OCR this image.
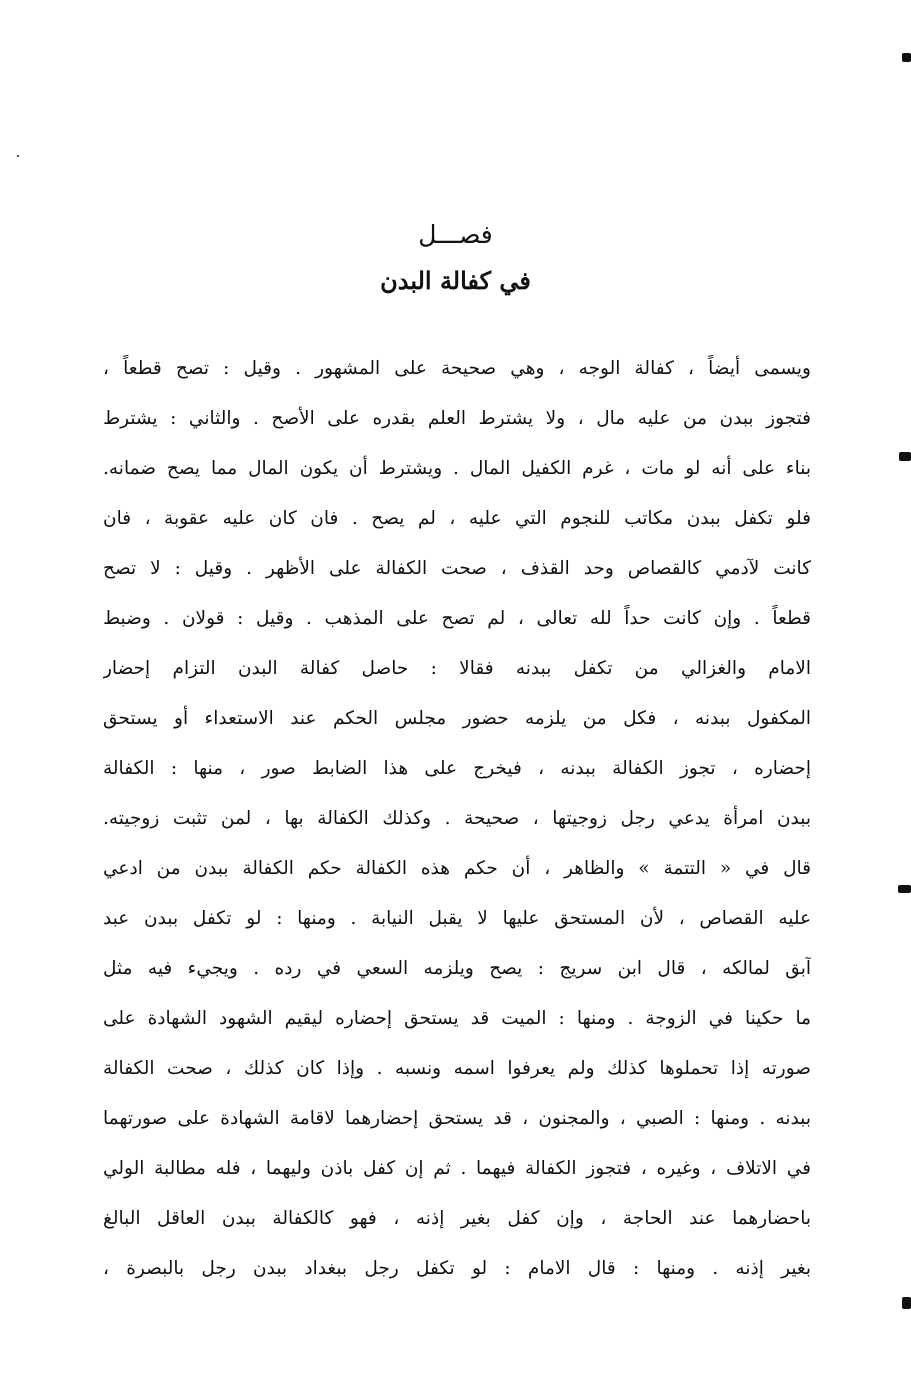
فصـــل
في كفالة البدن
ويسمى أيضاً ، كفالة الوجه ، وهي صحيحة على المشهور . وقيل : تصح قطعاً ،
فتجوز ببدن من عليه مال ، ولا يشترط العلم بقدره على الأصح . والثاني : يشترط
بناء على أنه لو مات ، غرم الكفيل المال . ويشترط أن يكون المال مما يصح ضمانه.
فلو تكفل ببدن مكاتب للنجوم التي عليه ، لم يصح . فان كان عليه عقوبة ، فان
كانت لآدمي كالقصاص وحد القذف ، صحت الكفالة على الأظهر . وقيل : لا تصح
قطعاً . وإن كانت حداً لله تعالى ، لم تصح على المذهب . وقيل : قولان . وضبط
الامام والغزالي من تكفل ببدنه فقالا : حاصل كفالة البدن التزام إحضار
المكفول ببدنه ، فكل من يلزمه حضور مجلس الحكم عند الاستعداء أو يستحق
إحضاره ، تجوز الكفالة ببدنه ، فيخرج على هذا الضابط صور ، منها : الكفالة
ببدن امرأة يدعي رجل زوجيتها ، صحيحة . وكذلك الكفالة بها ، لمن تثبت زوجيته.
قال في « التتمة » والظاهر ، أن حكم هذه الكفالة حكم الكفالة ببدن من ادعي
عليه القصاص ، لأن المستحق عليها لا يقبل النيابة . ومنها : لو تكفل ببدن عبد
آبق لمالكه ، قال ابن سريج : يصح ويلزمه السعي في رده . ويجيء فيه مثل
ما حكينا في الزوجة . ومنها : الميت قد يستحق إحضاره ليقيم الشهود الشهادة على
صورته إذا تحملوها كذلك ولم يعرفوا اسمه ونسبه . وإذا كان كذلك ، صحت الكفالة
ببدنه . ومنها : الصبي ، والمجنون ، قد يستحق إحضارهما لاقامة الشهادة على صورتهما
في الاتلاف ، وغيره ، فتجوز الكفالة فيهما . ثم إن كفل باذن وليهما ، فله مطالبة الولي
باحضارهما عند الحاجة ، وإن كفل بغير إذنه ، فهو كالكفالة ببدن العاقل البالغ
بغير إذنه . ومنها : قال الامام : لو تكفل رجل ببغداد ببدن رجل بالبصرة ،
